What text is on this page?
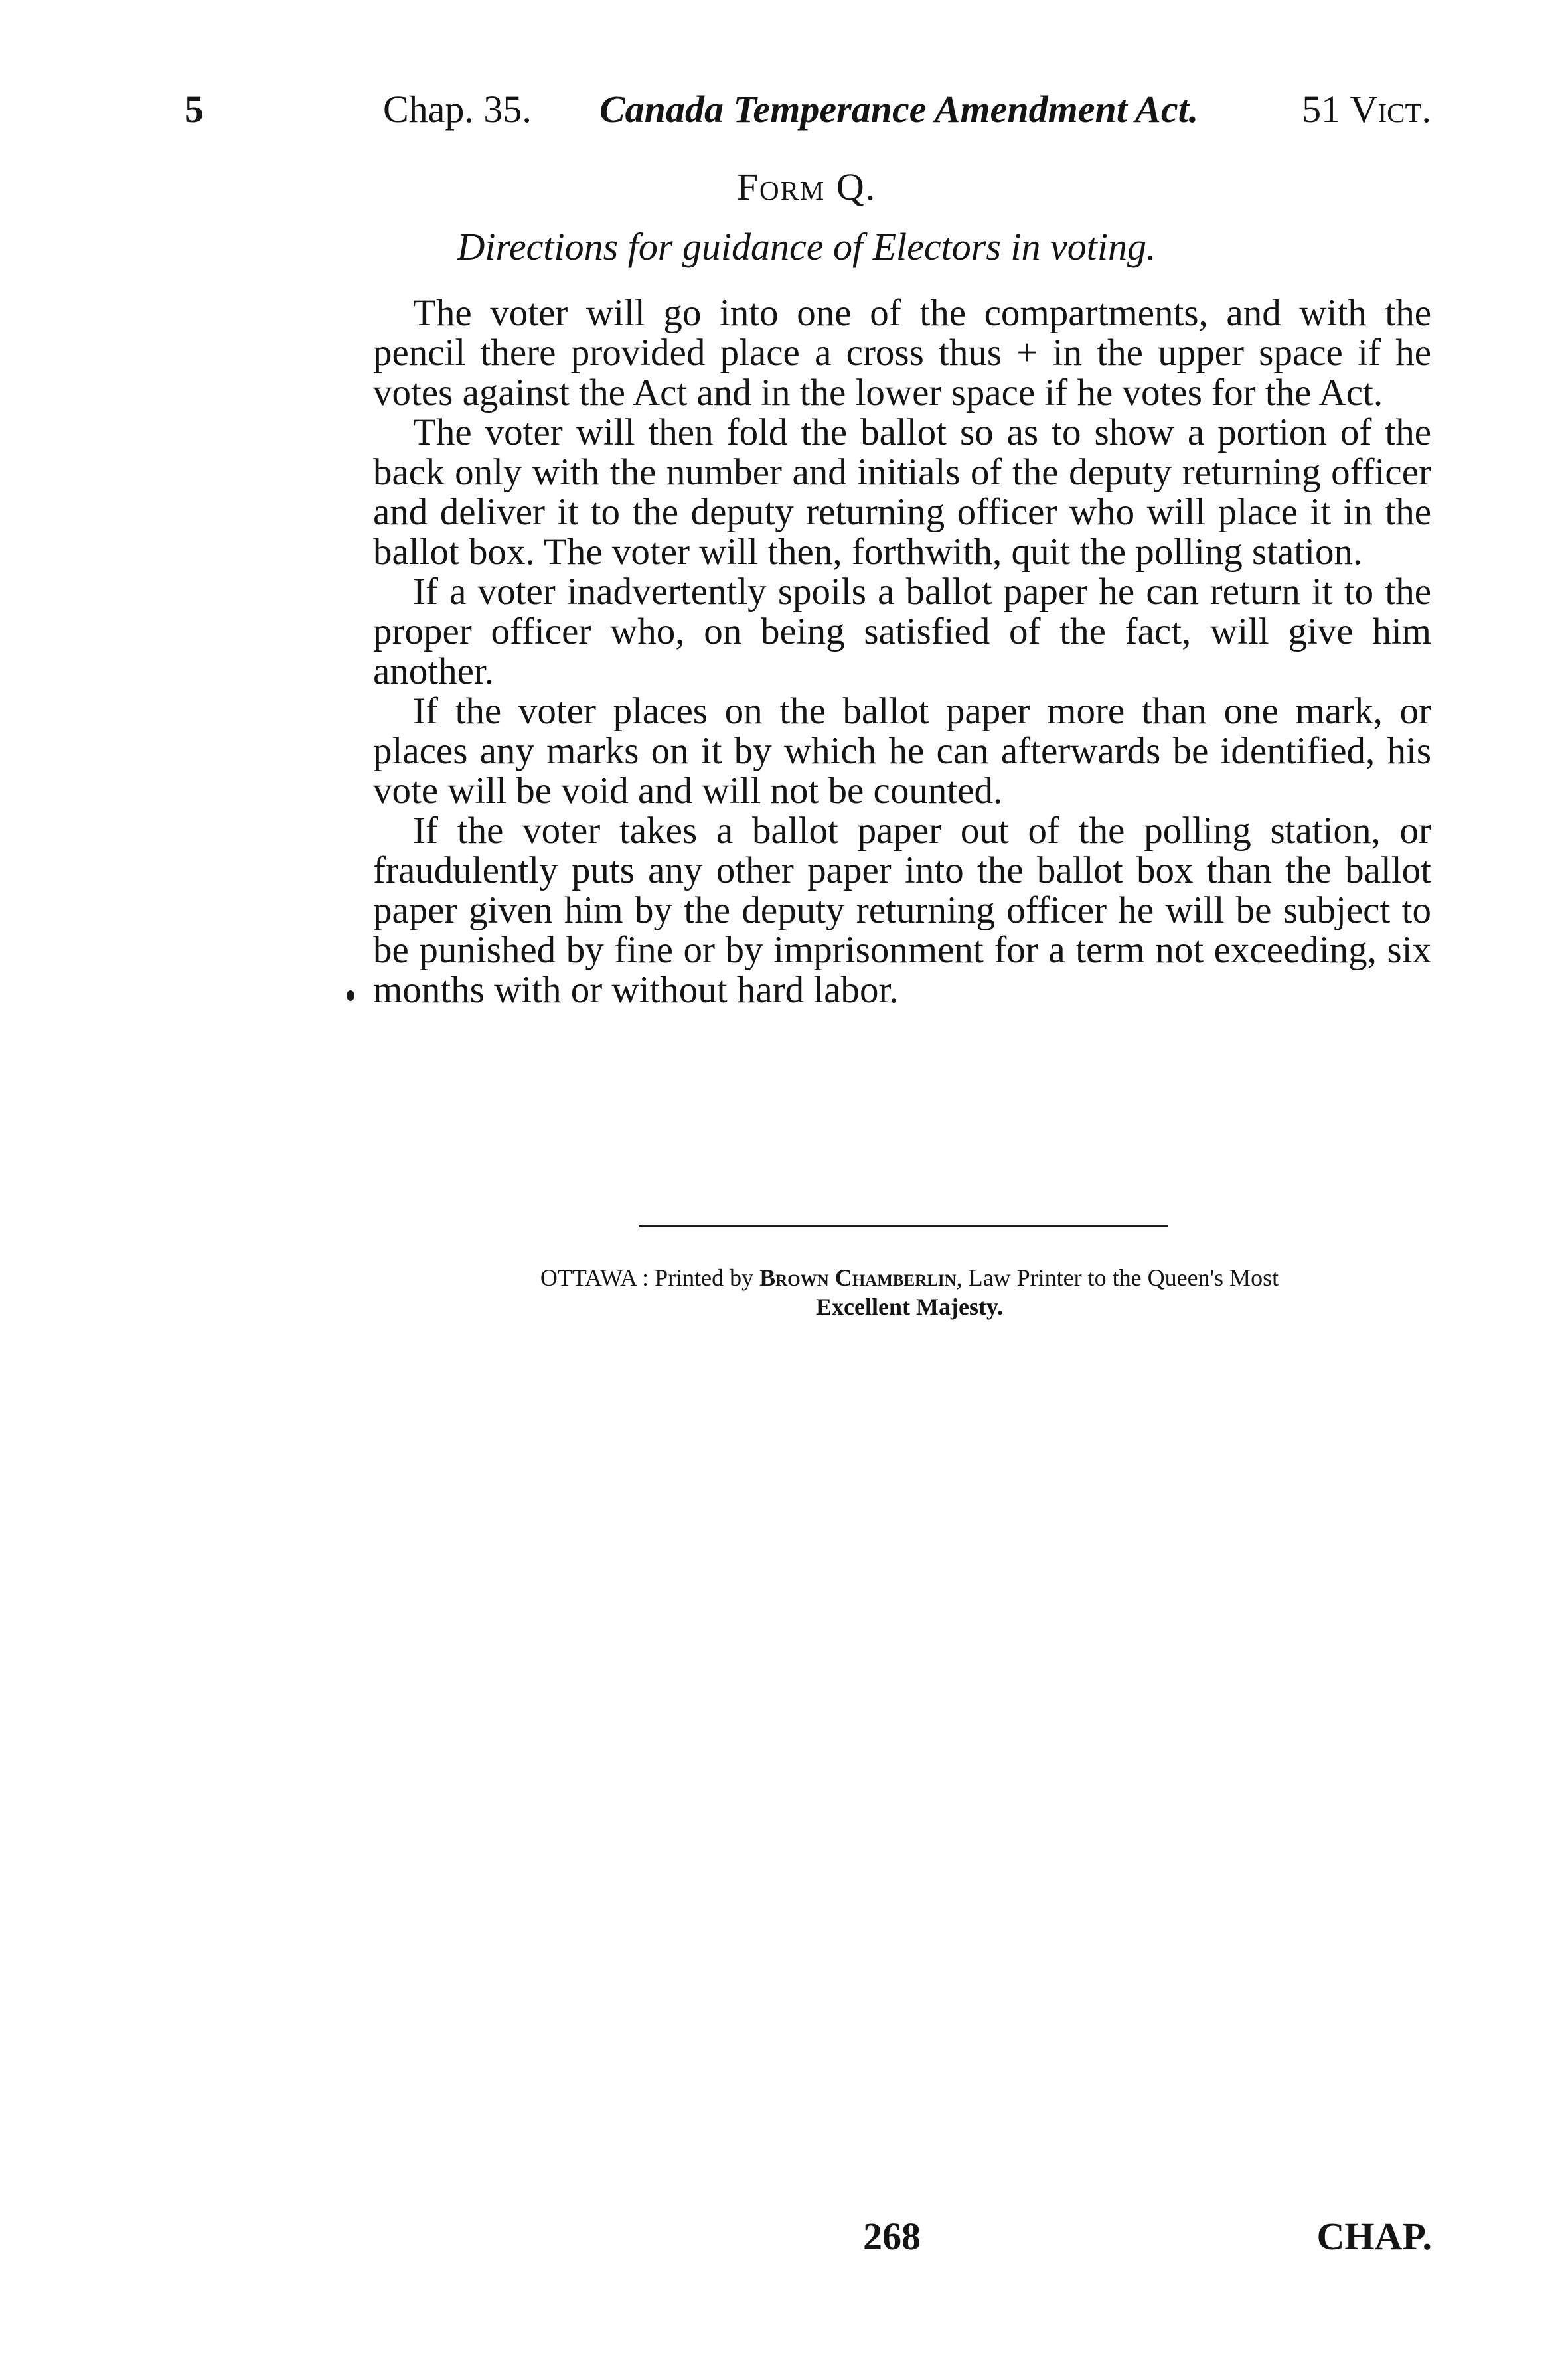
5	Chap. 35. Canada Temperance Amendment Act.	51 Vict.
Form Q.
Directions for guidance of Electors in voting.

The voter will go into one of the compartments, and with the pencil there provided place a cross thus + in the upper space if he votes against the Act and in the lower space if he votes for the Act.

The voter will then fold the ballot so as to show a portion of the back only with the number and initials of the deputy returning officer and deliver it to the deputy returning officer who will place it in the ballot box. The voter will then, forthwith, quit the polling station.

If a voter inadvertently spoils a ballot paper he can return it to the proper officer who, on being satisfied of the fact, will give him another.

If the voter places on the ballot paper more than one mark, or places any marks on it by which he can afterwards be identified, his vote will be void and will not be counted.

If the voter takes a ballot paper out of the polling station, or fraudulently puts any other paper into the ballot box than the ballot paper given him by the deputy returning officer he will be subject to be punished by fine or by imprisonment for a term not exceeding, six months with or without hard labor.

OTTAWA : Printed by Brown Chamberlin, Law Printer to the Queen's Most
Excellent Majesty.
268	CHAP.
